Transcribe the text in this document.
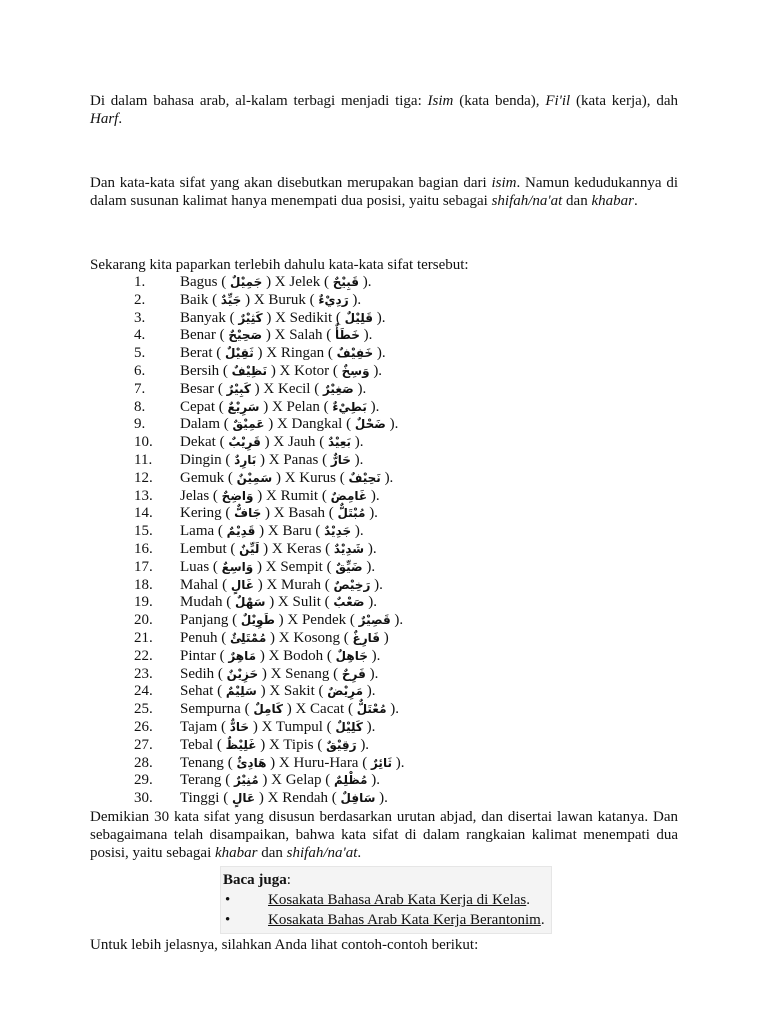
Di dalam bahasa arab, al-kalam terbagi menjadi tiga: Isim (kata benda), Fi'il (kata kerja), dah Harf.

Dan kata-kata sifat yang akan disebutkan merupakan bagian dari isim. Namun kedudukannya di dalam susunan kalimat hanya menempati dua posisi, yaitu sebagai shifah/na'at dan khabar.

Sekarang kita paparkan terlebih dahulu kata-kata sifat tersebut:

1.	Bagus ( جَمِيْلٌ ) X Jelek ( قَبِيْحٌ ).
2.	Baik ( جَيِّدٌ ) X Buruk ( رَدِيْءٌ ).
3.	Banyak ( كَثِيْرٌ ) X Sedikit ( قَلِيْلٌ ).
4.	Benar ( صَحِيْحٌ ) X Salah ( خَطَأٌ ).
5.	Berat ( ثَقِيْلٌ ) X Ringan ( خَفِيْفٌ ).
6.	Bersih ( نَظِيْفٌ ) X Kotor ( وَسِخٌ ).
7.	Besar ( كَبِيْرٌ ) X Kecil ( صَغِيْرٌ ).
8.	Cepat ( سَرِيْعٌ ) X Pelan ( بَطِيْءٌ ).
9.	Dalam ( عَمِيْقٌ ) X Dangkal ( ضَحْلٌ ).
10.	Dekat ( قَرِيْبٌ ) X Jauh ( بَعِيْدٌ ).
11.	Dingin ( بَارِدٌ ) X Panas ( حَارٌّ ).
12.	Gemuk ( سَمِيْنٌ ) X Kurus ( نَحِيْفٌ ).
13.	Jelas ( وَاضِحٌ ) X Rumit ( غَامِضٌ ).
14.	Kering ( جَافٌّ ) X Basah ( مُبْتَلٌّ ).
15.	Lama ( قَدِيْمٌ ) X Baru ( جَدِيْدٌ ).
16.	Lembut ( لَيِّنٌ ) X Keras ( شَدِيْدٌ ).
17.	Luas ( وَاسِعٌ ) X Sempit ( ضَيِّقٌ ).
18.	Mahal ( غَالٍ ) X Murah ( رَخِيْصٌ ).
19.	Mudah ( سَهْلٌ ) X Sulit ( صَعْبٌ ).
20.	Panjang ( طَوِيْلٌ ) X Pendek ( قَصِيْرٌ ).
21.	Penuh ( مُمْتَلِئٌ ) X Kosong ( فَارِغٌ )
22.	Pintar ( مَاهِرٌ ) X Bodoh ( جَاهِلٌ ).
23.	Sedih ( حَزِيْنٌ ) X Senang ( فَرِحٌ ).
24.	Sehat ( سَلِيْمٌ ) X Sakit ( مَرِيْضٌ ).
25.	Sempurna ( كَامِلٌ ) X Cacat ( مُعْتَلٌّ ).
26.	Tajam ( حَادٌّ ) X Tumpul ( كَلِيْلٌ ).
27.	Tebal ( غَلِيْظٌ ) X Tipis ( رَقِيْقٌ ).
28.	Tenang ( هَادِئٌ ) X Huru-Hara ( ثَائِرٌ ).
29.	Terang ( مُنِيْرٌ ) X Gelap ( مُظْلِمٌ ).
30.	Tinggi ( عَالٍ ) X Rendah ( سَافِلٌ ).

Demikian 30 kata sifat yang disusun berdasarkan urutan abjad, dan disertai lawan katanya. Dan sebagaimana telah disampaikan, bahwa kata sifat di dalam rangkaian kalimat menempati dua posisi, yaitu sebagai khabar dan shifah/na'at.

Baca juga:
•	Kosakata Bahasa Arab Kata Kerja di Kelas.
•	Kosakata Bahas Arab Kata Kerja Berantonim.

Untuk lebih jelasnya, silahkan Anda lihat contoh-contoh berikut:
